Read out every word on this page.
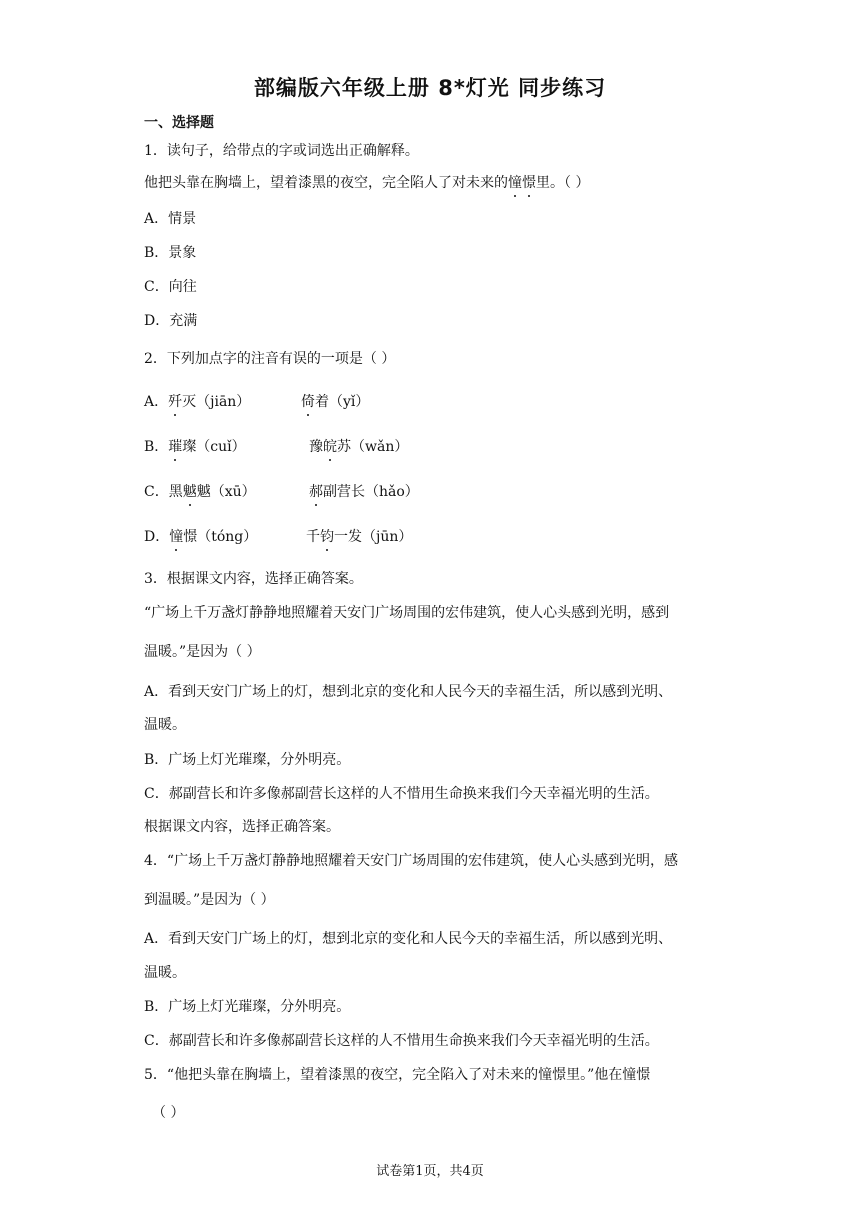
部编版六年级上册 8*灯光 同步练习
一、选择题
1．读句子，给带点的字或词选出正确解释。
他把头靠在胸墙上，望着漆黑的夜空，完全陷人了对未来的憧憬里。（ ）
A．情景
B．景象
C．向往
D．充满
2．下列加点字的注音有误的一项是（ ）
A．歼灭（jiān）	倚着（yǐ）
B．璀璨（cuǐ）	豫皖苏（wǎn）
C．黑魆魆（xū）	郝副营长（hǎo）
D．憧憬（tóng）	千钧一发（jūn）
3．根据课文内容，选择正确答案。
“广场上千万盏灯静静地照耀着天安门广场周围的宏伟建筑，使人心头感到光明，感到
温暖。”是因为（ ）
A．看到天安门广场上的灯，想到北京的变化和人民今天的幸福生活，所以感到光明、
温暖。
B．广场上灯光璀璨，分外明亮。
C．郝副营长和许多像郝副营长这样的人不惜用生命换来我们今天幸福光明的生活。
根据课文内容，选择正确答案。
4．“广场上千万盏灯静静地照耀着天安门广场周围的宏伟建筑，使人心头感到光明，感
到温暖。”是因为（ ）
A．看到天安门广场上的灯，想到北京的变化和人民今天的幸福生活，所以感到光明、
温暖。
B．广场上灯光璀璨，分外明亮。
C．郝副营长和许多像郝副营长这样的人不惜用生命换来我们今天幸福光明的生活。
5．“他把头靠在胸墙上，望着漆黑的夜空，完全陷入了对未来的憧憬里。”他在憧憬
（ ）
试卷第1页，共4页
